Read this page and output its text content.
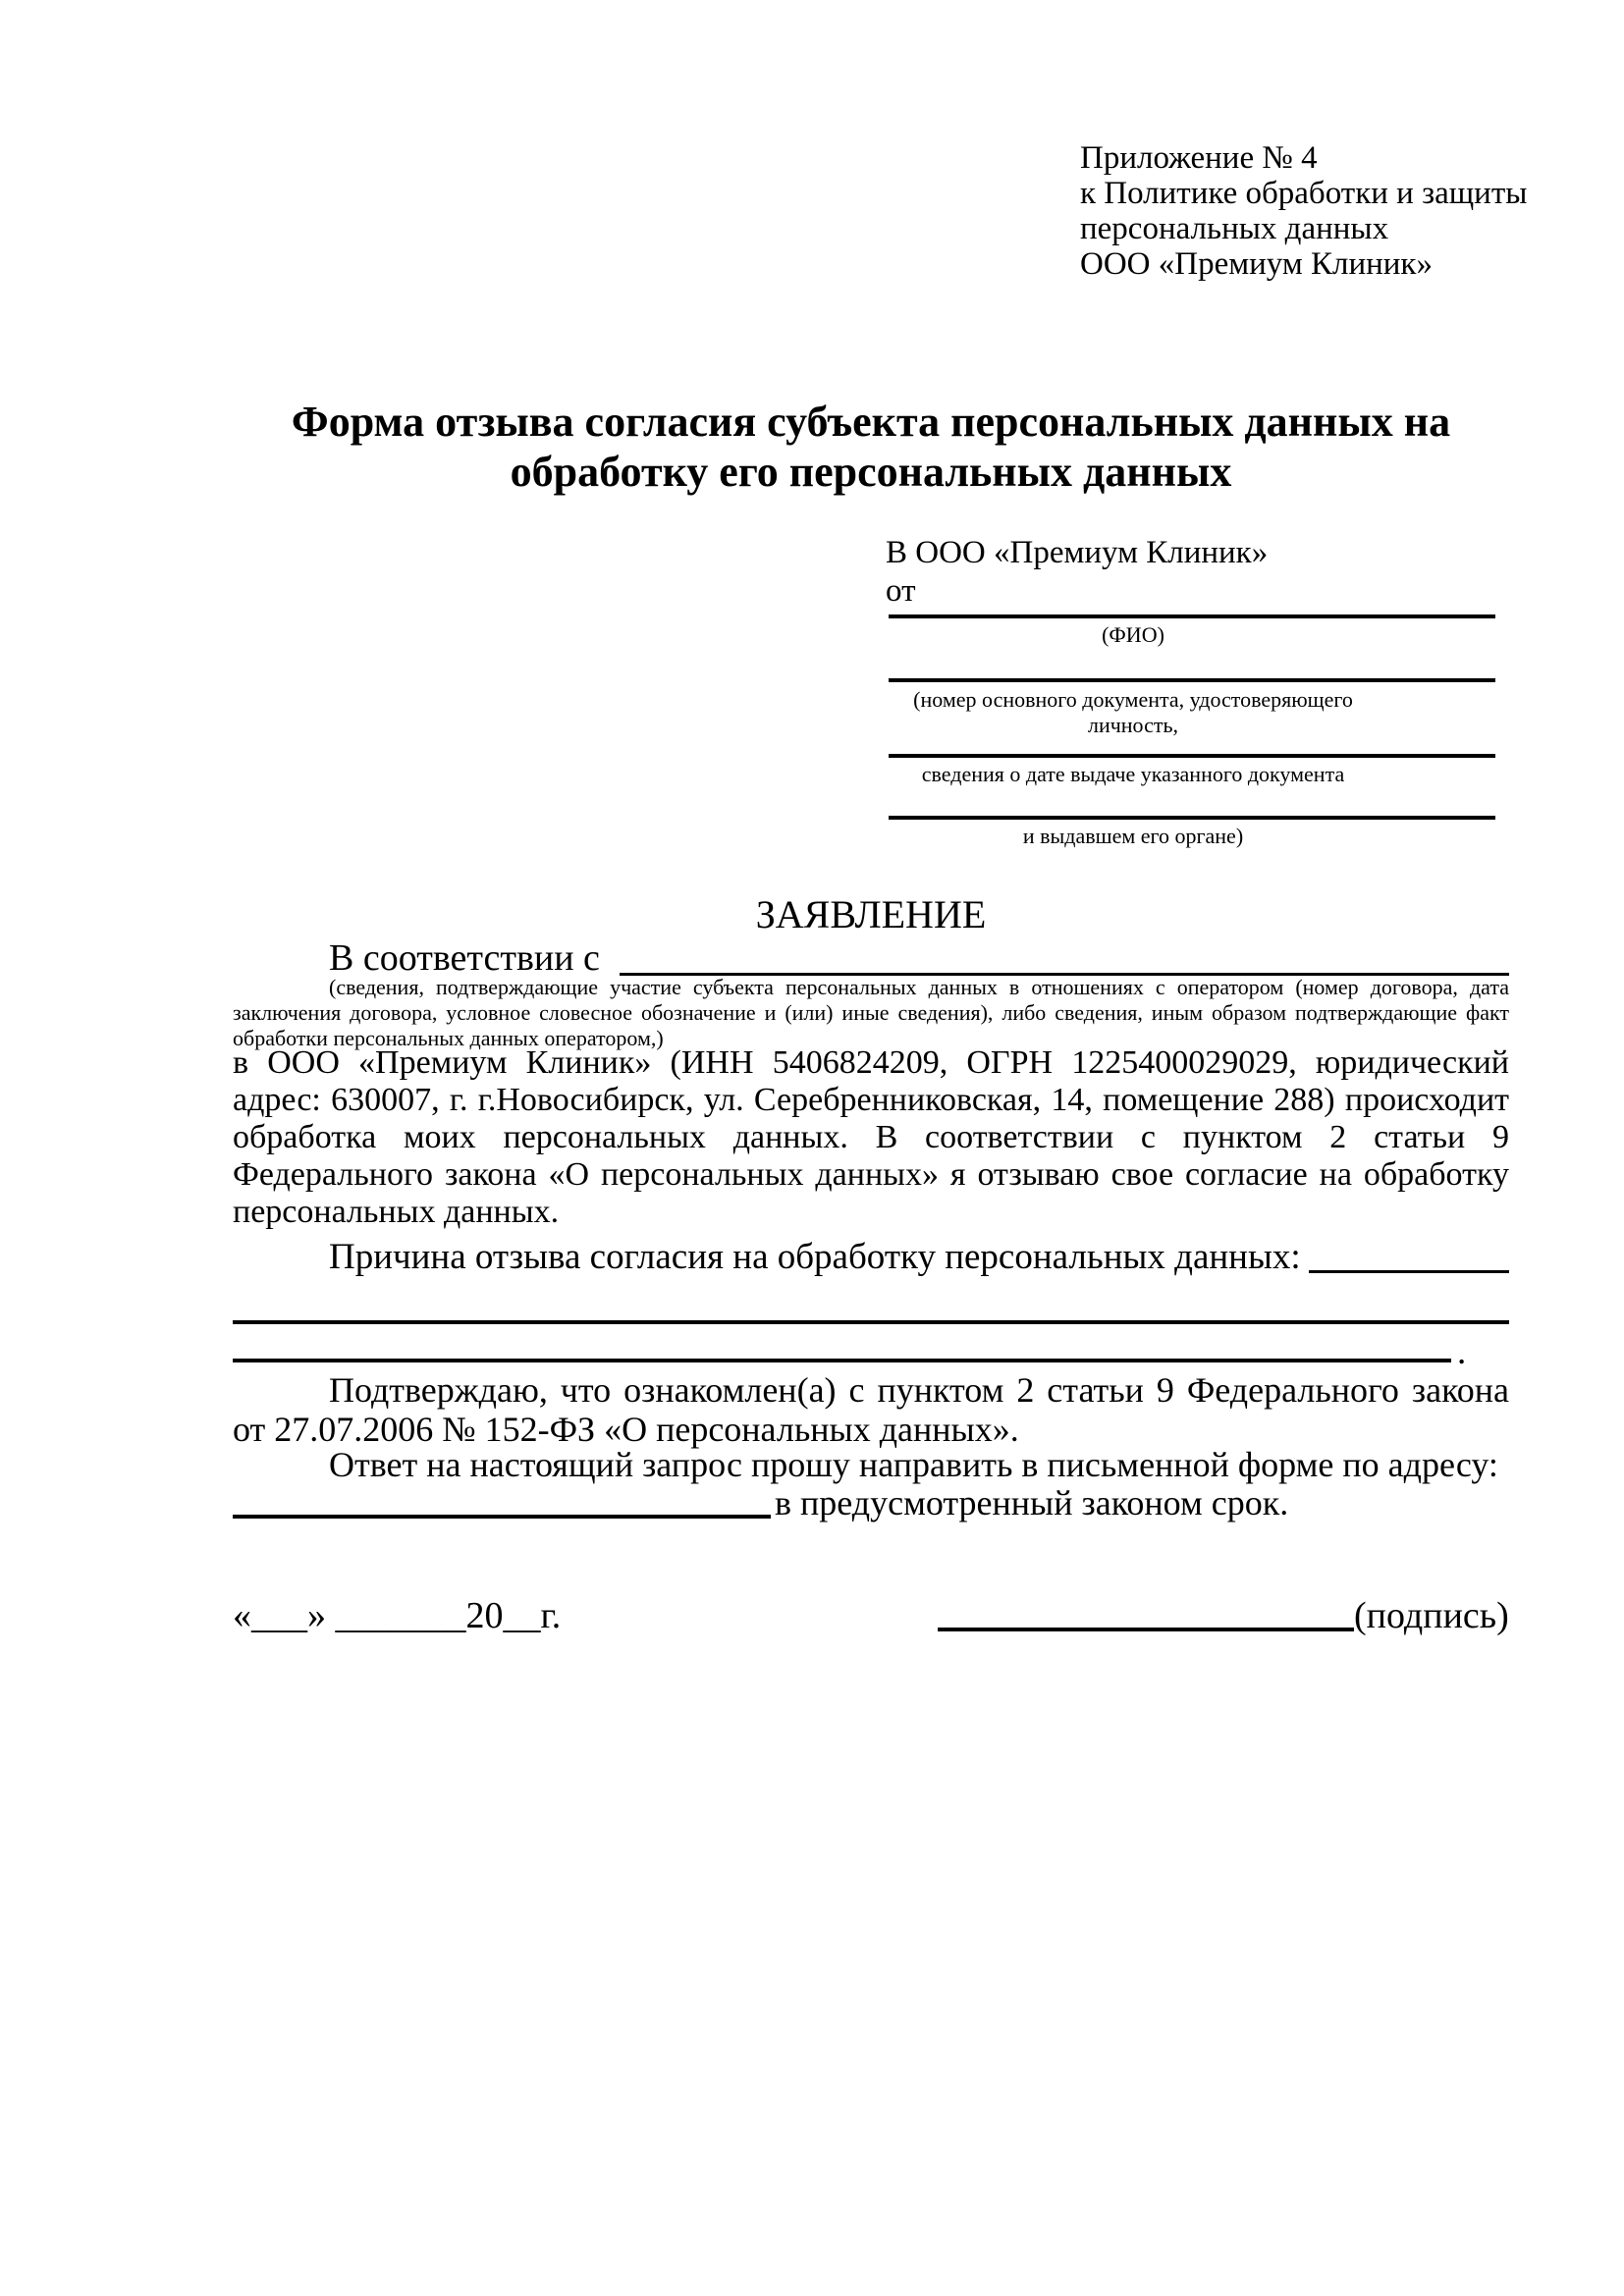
Приложение № 4
к Политике обработки и защиты
персональных данных
ООО «Премиум Клиник»
Форма отзыва согласия субъекта персональных данных на обработку его персональных данных
В ООО «Премиум Клиник»
от
(ФИО)
(номер основного документа, удостоверяющего личность,
сведения о дате выдаче указанного документа
и выдавшем его органе)
ЗАЯВЛЕНИЕ
В соответствии с
(сведения, подтверждающие участие субъекта персональных данных в отношениях с оператором (номер договора, дата заключения договора, условное словесное обозначение и (или) иные сведения), либо сведения, иным образом подтверждающие факт обработки персональных данных оператором,)
в ООО «Премиум Клиник» (ИНН 5406824209, ОГРН 1225400029029, юридический адрес: 630007, г. г.Новосибирск, ул. Серебренниковская, 14, помещение 288) происходит обработка моих персональных данных. В соответствии с пунктом 2 статьи 9 Федерального закона «О персональных данных» я отзываю свое согласие на обработку персональных данных.
Причина отзыва согласия на обработку персональных данных:
.
Подтверждаю, что ознакомлен(а) с пунктом 2 статьи 9 Федерального закона от 27.07.2006 № 152-ФЗ «О персональных данных».
Ответ на настоящий запрос прошу направить в письменной форме по адресу:
в предусмотренный законом срок.
«___» _______20__г.	(подпись)
